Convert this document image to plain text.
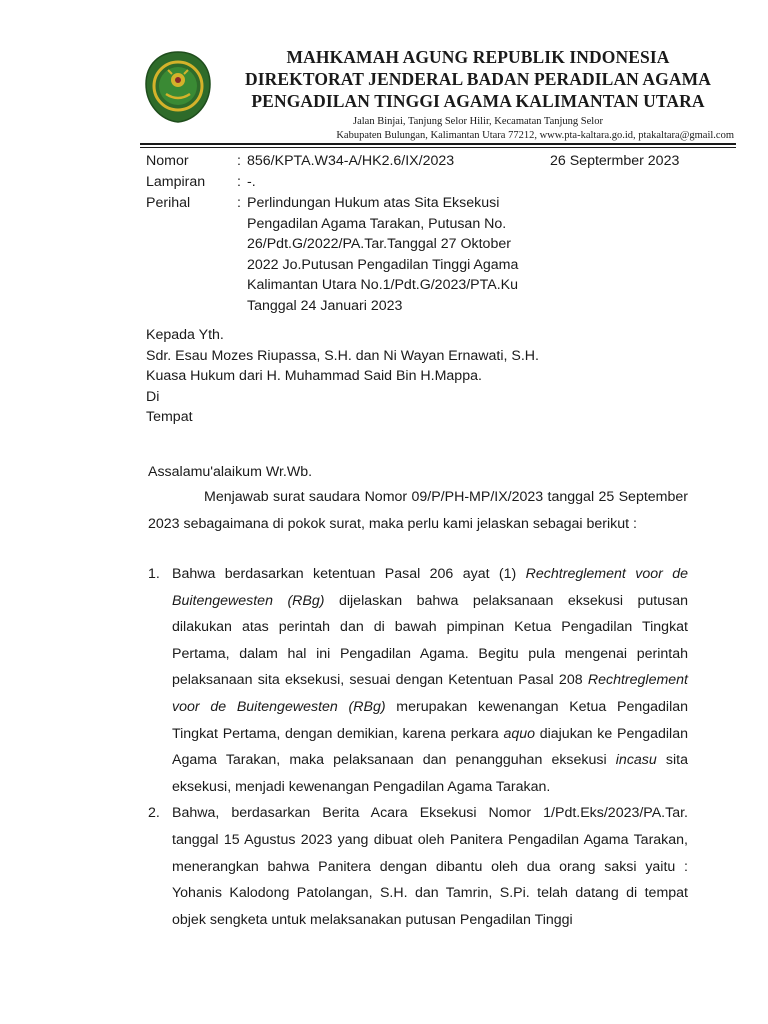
MAHKAMAH AGUNG REPUBLIK INDONESIA
DIREKTORAT JENDERAL BADAN PERADILAN AGAMA
PENGADILAN TINGGI AGAMA KALIMANTAN UTARA
Jalan Binjai, Tanjung Selor Hilir, Kecamatan Tanjung Selor
Kabupaten Bulungan, Kalimantan Utara 77212, www.pta-kaltara.go.id, ptakaltara@gmail.com
Nomor	: 856/KPTA.W34-A/HK2.6/IX/2023	26 Septermber 2023
Lampiran : -.
Perihal	: Perlindungan Hukum atas Sita Eksekusi
Pengadilan Agama Tarakan, Putusan No.
26/Pdt.G/2022/PA.Tar.Tanggal 27 Oktober
2022 Jo.Putusan Pengadilan Tinggi Agama
Kalimantan Utara No.1/Pdt.G/2023/PTA.Ku
Tanggal 24 Januari 2023
Kepada Yth.
Sdr. Esau Mozes Riupassa, S.H. dan Ni Wayan Ernawati, S.H.
Kuasa Hukum dari H. Muhammad Said Bin H.Mappa.
Di
Tempat
Assalamu'alaikum Wr.Wb.
Menjawab surat saudara Nomor 09/P/PH-MP/IX/2023 tanggal 25 September 2023 sebagaimana di pokok surat, maka perlu kami jelaskan sebagai berikut :
1. Bahwa berdasarkan ketentuan Pasal 206 ayat (1) Rechtreglement voor de Buitengewesten (RBg) dijelaskan bahwa pelaksanaan eksekusi putusan dilakukan atas perintah dan di bawah pimpinan Ketua Pengadilan Tingkat Pertama, dalam hal ini Pengadilan Agama. Begitu pula mengenai perintah pelaksanaan sita eksekusi, sesuai dengan Ketentuan Pasal 208 Rechtreglement voor de Buitengewesten (RBg) merupakan kewenangan Ketua Pengadilan Tingkat Pertama, dengan demikian, karena perkara aquo diajukan ke Pengadilan Agama Tarakan, maka pelaksanaan dan penangguhan eksekusi incasu sita eksekusi, menjadi kewenangan Pengadilan Agama Tarakan.
2. Bahwa, berdasarkan Berita Acara Eksekusi Nomor 1/Pdt.Eks/2023/PA.Tar. tanggal 15 Agustus 2023 yang dibuat oleh Panitera Pengadilan Agama Tarakan, menerangkan bahwa Panitera dengan dibantu oleh dua orang saksi yaitu : Yohanis Kalodong Patolangan, S.H. dan Tamrin, S.Pi. telah datang di tempat objek sengketa untuk melaksanakan putusan Pengadilan Tinggi
